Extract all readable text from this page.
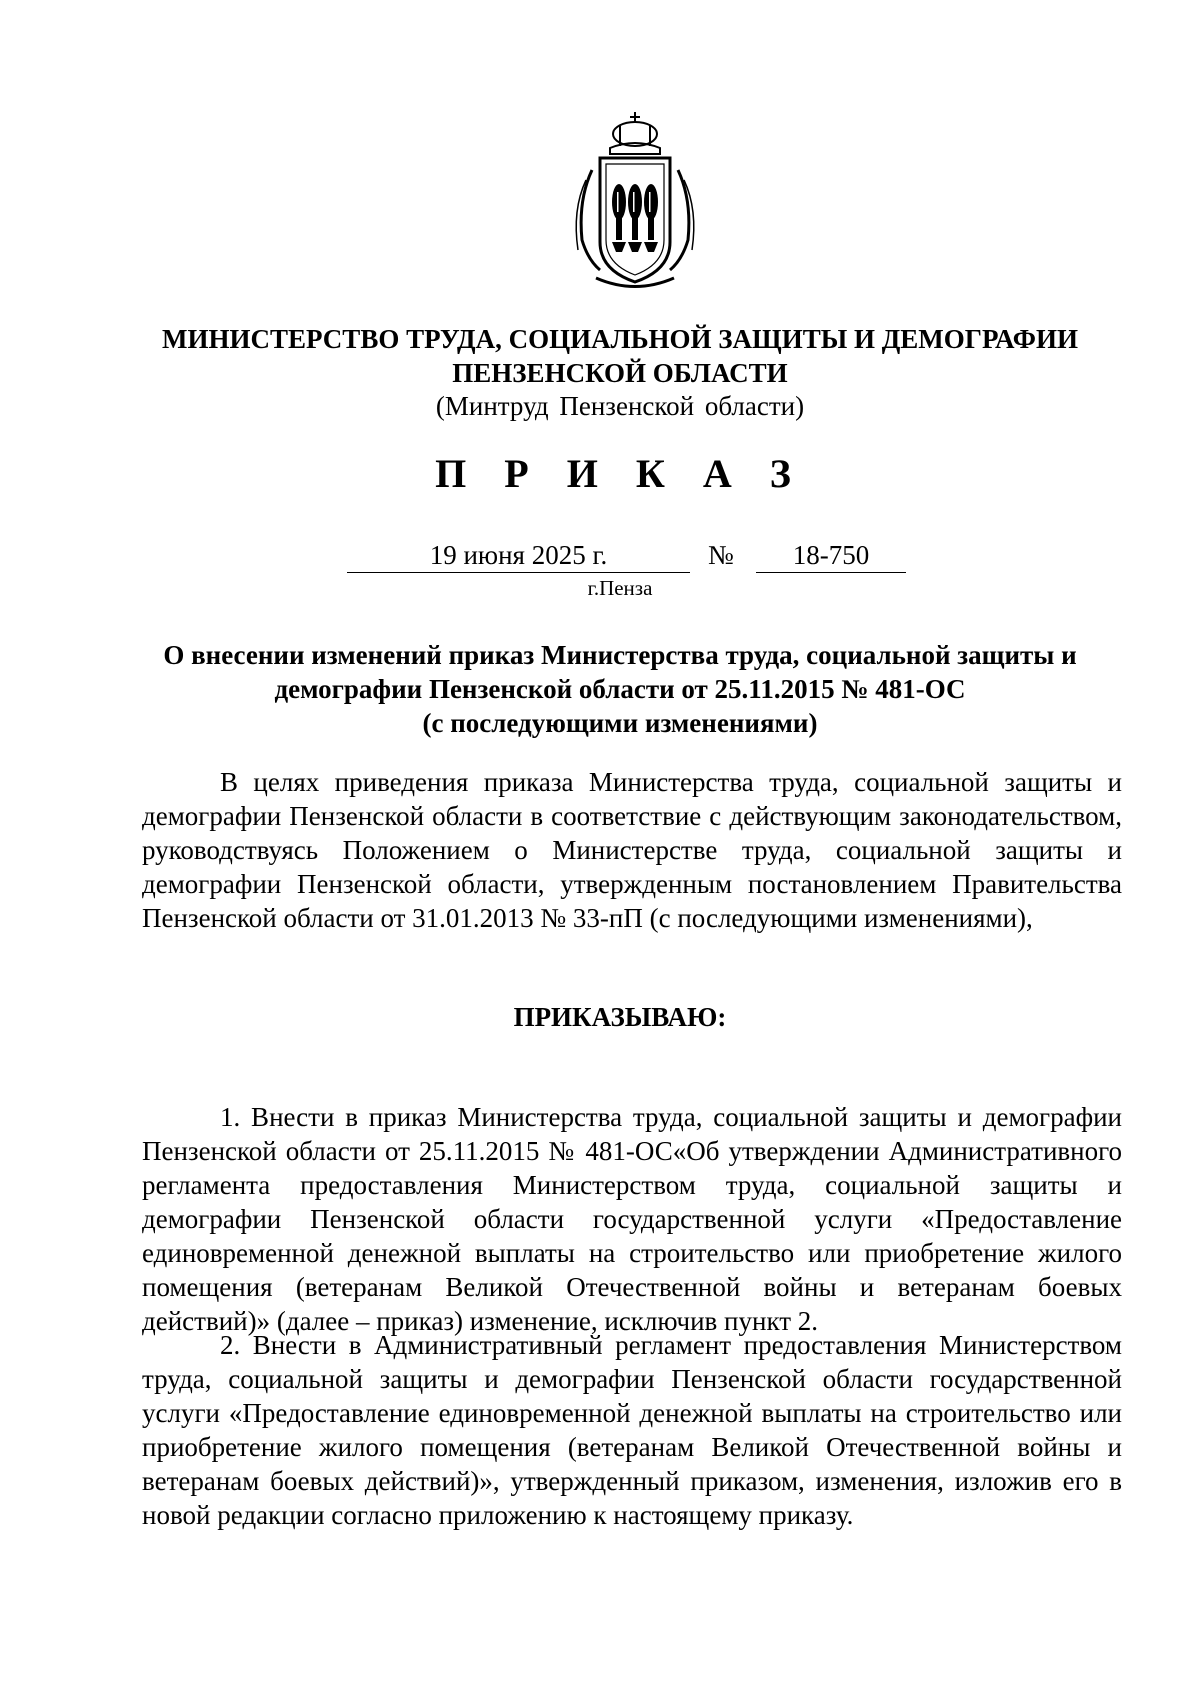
МИНИСТЕРСТВО ТРУДА, СОЦИАЛЬНОЙ ЗАЩИТЫ И ДЕМОГРАФИИ
ПЕНЗЕНСКОЙ ОБЛАСТИ
(Минтруд Пензенской области)
П Р И К А З
19 июня 2025 г.	№	18-750
г.Пенза
О внесении изменений приказ Министерства труда, социальной защиты и
демографии Пензенской области от 25.11.2015 № 481-ОС
(с последующими изменениями)

В целях приведения приказа Министерства труда, социальной защиты и демографии Пензенской области в соответствие с действующим законодательством, руководствуясь Положением о Министерстве труда, социальной защиты и демографии Пензенской области, утвержденным постановлением Правительства Пензенской области от 31.01.2013 № 33-пП (с последующими изменениями),

ПРИКАЗЫВАЮ:

1. Внести в приказ Министерства труда, социальной защиты и демографии Пензенской области от 25.11.2015 № 481-ОС«Об утверждении Административного регламента предоставления Министерством труда, социальной защиты и демографии Пензенской области государственной услуги «Предоставление единовременной денежной выплаты на строительство или приобретение жилого помещения (ветеранам Великой Отечественной войны и ветеранам боевых действий)» (далее – приказ) изменение, исключив пункт 2.

2. Внести в Административный регламент предоставления Министерством труда, социальной защиты и демографии Пензенской области государственной услуги «Предоставление единовременной денежной выплаты на строительство или приобретение жилого помещения (ветеранам Великой Отечественной войны и ветеранам боевых действий)», утвержденный приказом, изменения, изложив его в новой редакции согласно приложению к настоящему приказу.
